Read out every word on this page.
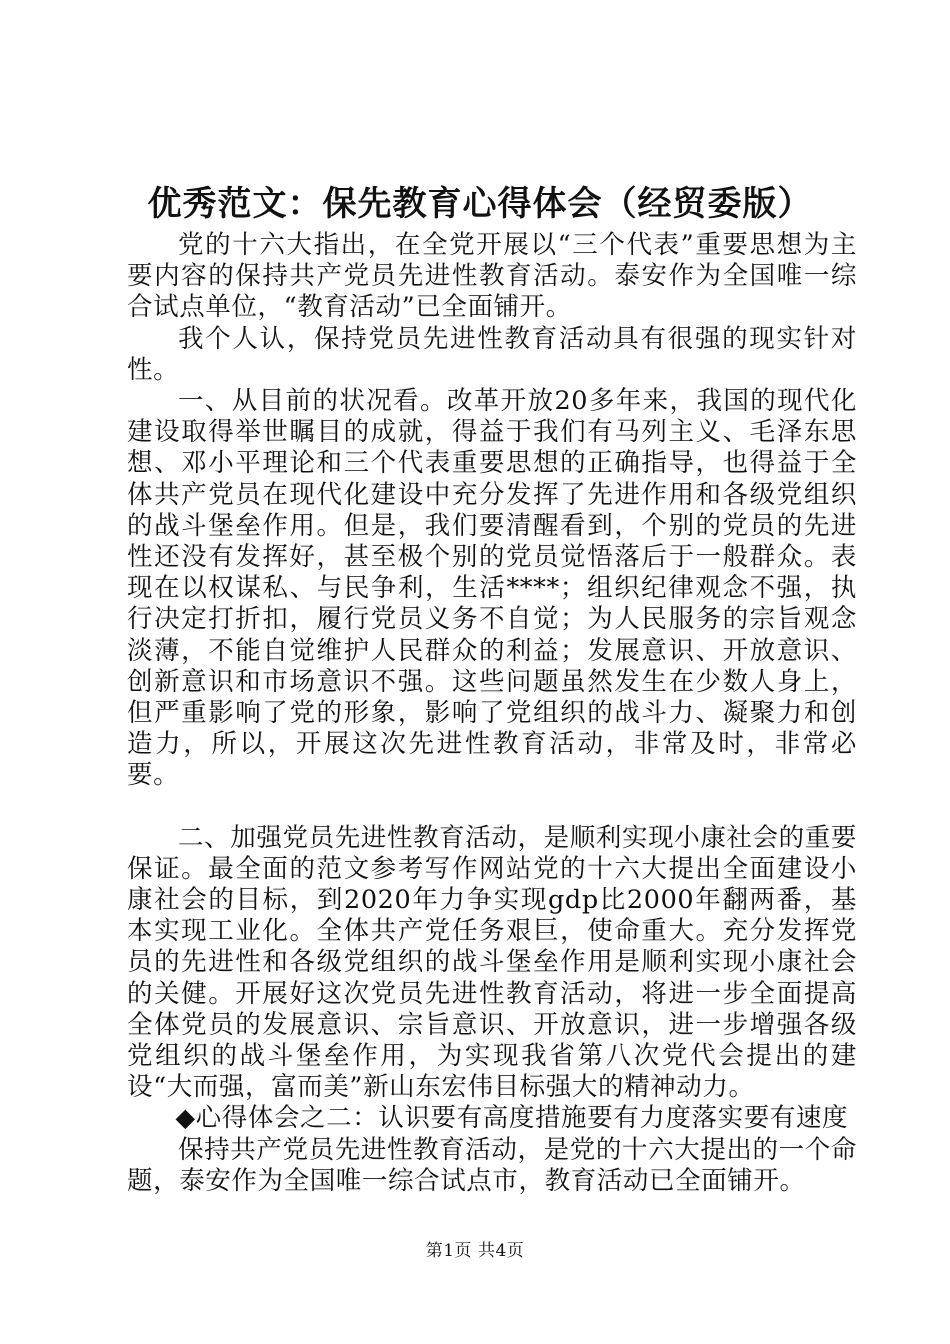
优秀范文：保先教育心得体会（经贸委版）

党的十六大指出，在全党开展以“三个代表”重要思想为主要内容的保持共产党员先进性教育活动。泰安作为全国唯一综合试点单位，“教育活动”已全面铺开。

我个人认，保持党员先进性教育活动具有很强的现实针对性。

一、从目前的状况看。改革开放20多年来，我国的现代化建设取得举世瞩目的成就，得益于我们有马列主义、毛泽东思想、邓小平理论和三个代表重要思想的正确指导，也得益于全体共产党员在现代化建设中充分发挥了先进作用和各级党组织的战斗堡垒作用。但是，我们要清醒看到，个别的党员的先进性还没有发挥好，甚至极个别的党员觉悟落后于一般群众。表现在以权谋私、与民争利，生活****；组织纪律观念不强，执行决定打折扣，履行党员义务不自觉；为人民服务的宗旨观念淡薄，不能自觉维护人民群众的利益；发展意识、开放意识、创新意识和市场意识不强。这些问题虽然发生在少数人身上，但严重影响了党的形象，影响了党组织的战斗力、凝聚力和创造力，所以，开展这次先进性教育活动，非常及时，非常必要。

二、加强党员先进性教育活动，是顺利实现小康社会的重要保证。最全面的范文参考写作网站党的十六大提出全面建设小康社会的目标，到2020年力争实现gdp比2000年翻两番，基本实现工业化。全体共产党任务艰巨，使命重大。充分发挥党员的先进性和各级党组织的战斗堡垒作用是顺利实现小康社会的关健。开展好这次党员先进性教育活动，将进一步全面提高全体党员的发展意识、宗旨意识、开放意识，进一步增强各级党组织的战斗堡垒作用，为实现我省第八次党代会提出的建设“大而强，富而美”新山东宏伟目标强大的精神动力。

◆心得体会之二：认识要有高度措施要有力度落实要有速度

保持共产党员先进性教育活动，是党的十六大提出的一个命题，泰安作为全国唯一综合试点市，教育活动已全面铺开。

第1页 共4页
